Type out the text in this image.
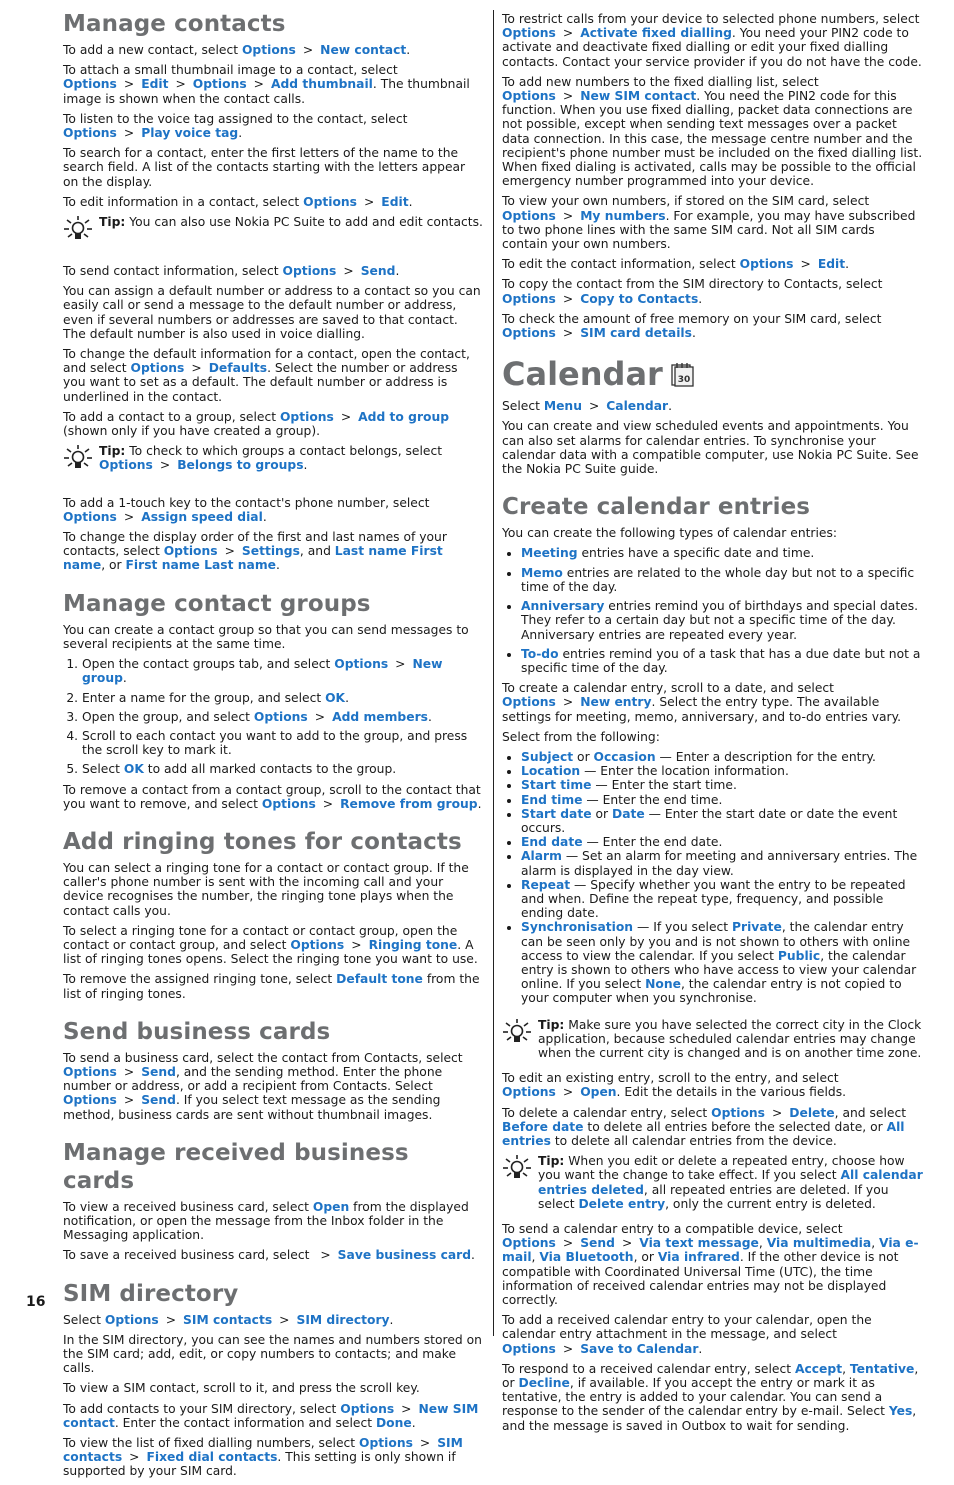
Manage contacts

To add a new contact, select Options > New contact.

To attach a small thumbnail image to a contact, select Options > Edit > Options > Add thumbnail. The thumbnail image is shown when the contact calls.

To listen to the voice tag assigned to the contact, select Options > Play voice tag.

To search for a contact, enter the first letters of the name to the search field. A list of the contacts starting with the letters appear on the display.

To edit information in a contact, select Options > Edit.

Tip: You can also use Nokia PC Suite to add and edit contacts.

To send contact information, select Options > Send.

You can assign a default number or address to a contact so you can easily call or send a message to the default number or address, even if several numbers or addresses are saved to that contact. The default number is also used in voice dialling.

To change the default information for a contact, open the contact, and select Options > Defaults. Select the number or address you want to set as a default. The default number or address is underlined in the contact.

To add a contact to a group, select Options > Add to group (shown only if you have created a group).

Tip: To check to which groups a contact belongs, select Options > Belongs to groups.

To add a 1-touch key to the contact's phone number, select Options > Assign speed dial.

To change the display order of the first and last names of your contacts, select Options > Settings, and Last name First name, or First name Last name.

Manage contact groups

You can create a contact group so that you can send messages to several recipients at the same time.

1. Open the contact groups tab, and select Options > New group.
2. Enter a name for the group, and select OK.
3. Open the group, and select Options > Add members.
4. Scroll to each contact you want to add to the group, and press the scroll key to mark it.
5. Select OK to add all marked contacts to the group.

To remove a contact from a contact group, scroll to the contact that you want to remove, and select Options > Remove from group.

Add ringing tones for contacts

You can select a ringing tone for a contact or contact group. If the caller's phone number is sent with the incoming call and your device recognises the number, the ringing tone plays when the contact calls you.

To select a ringing tone for a contact or contact group, open the contact or contact group, and select Options > Ringing tone. A list of ringing tones opens. Select the ringing tone you want to use.

To remove the assigned ringing tone, select Default tone from the list of ringing tones.

Send business cards

To send a business card, select the contact from Contacts, select Options > Send, and the sending method. Enter the phone number or address, or add a recipient from Contacts. Select Options > Send. If you select text message as the sending method, business cards are sent without thumbnail images.

Manage received business cards

To view a received business card, select Open from the displayed notification, or open the message from the Inbox folder in the Messaging application.

To save a received business card, select > Save business card.

SIM directory

Select Options > SIM contacts > SIM directory.

In the SIM directory, you can see the names and numbers stored on the SIM card; add, edit, or copy numbers to contacts; and make calls.

To view a SIM contact, scroll to it, and press the scroll key.

To add contacts to your SIM directory, select Options > New SIM contact. Enter the contact information and select Done.

To view the list of fixed dialling numbers, select Options > SIM contacts > Fixed dial contacts. This setting is only shown if supported by your SIM card.

To restrict calls from your device to selected phone numbers, select Options > Activate fixed dialling. You need your PIN2 code to activate and deactivate fixed dialling or edit your fixed dialling contacts. Contact your service provider if you do not have the code.

To add new numbers to the fixed dialling list, select Options > New SIM contact. You need the PIN2 code for this function. When you use fixed dialling, packet data connections are not possible, except when sending text messages over a packet data connection. In this case, the message centre number and the recipient's phone number must be included on the fixed dialling list. When fixed dialing is activated, calls may be possible to the official emergency number programmed into your device.

To view your own numbers, if stored on the SIM card, select Options > My numbers. For example, you may have subscribed to two phone lines with the same SIM card. Not all SIM cards contain your own numbers.

To edit the contact information, select Options > Edit.

To copy the contact from the SIM directory to Contacts, select Options > Copy to Contacts.

To check the amount of free memory on your SIM card, select Options > SIM card details.

Calendar 30

Select Menu > Calendar.

You can create and view scheduled events and appointments. You can also set alarms for calendar entries. To synchronise your calendar data with a compatible computer, use Nokia PC Suite. See the Nokia PC Suite guide.

Create calendar entries

You can create the following types of calendar entries:

• Meeting entries have a specific date and time.
• Memo entries are related to the whole day but not to a specific time of the day.
• Anniversary entries remind you of birthdays and special dates. They refer to a certain day but not a specific time of the day. Anniversary entries are repeated every year.
• To-do entries remind you of a task that has a due date but not a specific time of the day.

To create a calendar entry, scroll to a date, and select Options > New entry. Select the entry type. The available settings for meeting, memo, anniversary, and to-do entries vary.

Select from the following:

• Subject or Occasion — Enter a description for the entry.
• Location — Enter the location information.
• Start time — Enter the start time.
• End time — Enter the end time.
• Start date or Date — Enter the start date or date the event occurs.
• End date — Enter the end date.
• Alarm — Set an alarm for meeting and anniversary entries. The alarm is displayed in the day view.
• Repeat — Specify whether you want the entry to be repeated and when. Define the repeat type, frequency, and possible ending date.
• Synchronisation — If you select Private, the calendar entry can be seen only by you and is not shown to others with online access to view the calendar. If you select Public, the calendar entry is shown to others who have access to view your calendar online. If you select None, the calendar entry is not copied to your computer when you synchronise.
Tip: Make sure you have selected the correct city in the Clock application, because scheduled calendar entries may change when the current city is changed and is on another time zone.

To edit an existing entry, scroll to the entry, and select Options > Open. Edit the details in the various fields.

To delete a calendar entry, select Options > Delete, and select Before date to delete all entries before the selected date, or All entries to delete all calendar entries from the device.

Tip: When you edit or delete a repeated entry, choose how you want the change to take effect. If you select All calendar entries deleted, all repeated entries are deleted. If you select Delete entry, only the current entry is deleted.

To send a calendar entry to a compatible device, select Options > Send > Via text message, Via multimedia, Via e-mail, Via Bluetooth, or Via infrared. If the other device is not compatible with Coordinated Universal Time (UTC), the time information of received calendar entries may not be displayed correctly.

To add a received calendar entry to your calendar, open the calendar entry attachment in the message, and select Options > Save to Calendar.

To respond to a received calendar entry, select Accept, Tentative, or Decline, if available. If you accept the entry or mark it as tentative, the entry is added to your calendar. You can send a response to the sender of the calendar entry by e-mail. Select Yes, and the message is saved in Outbox to wait for sending.

16
